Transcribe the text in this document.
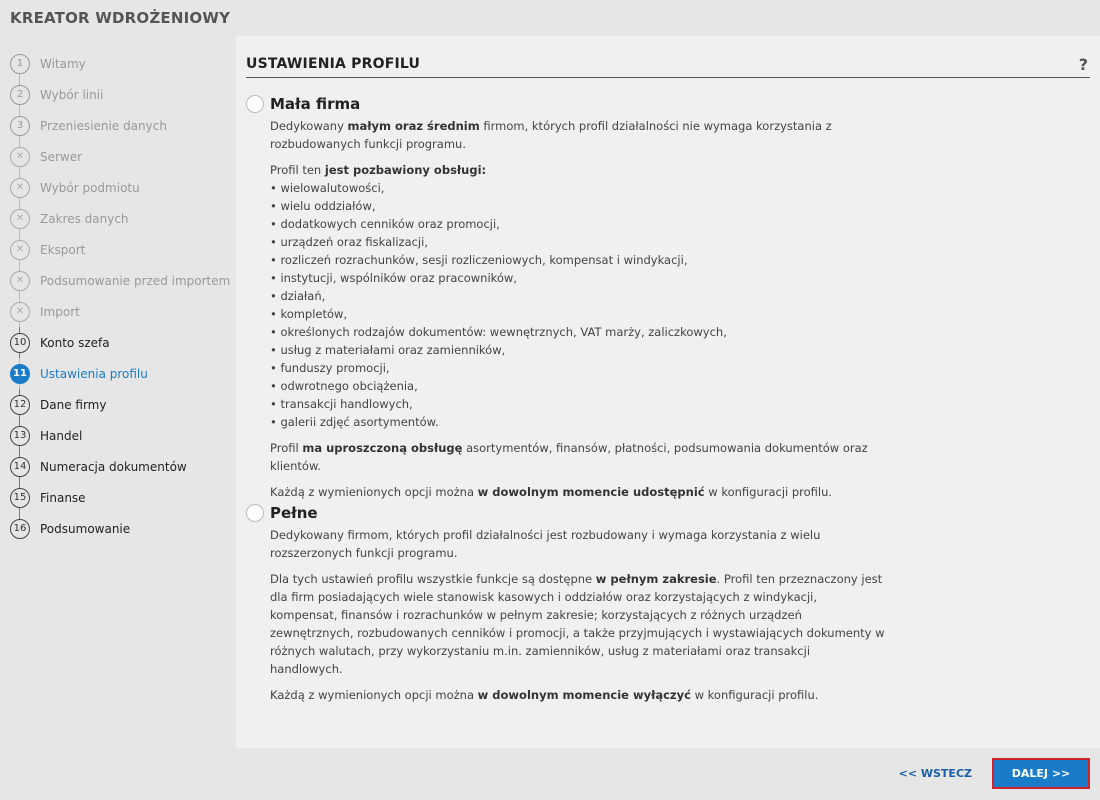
KREATOR WDROŻENIOWY
1	Witamy
2	Wybór linii
3	Przeniesienie danych
✕	Serwer
✕	Wybór podmiotu
✕	Zakres danych
✕	Eksport
✕	Podsumowanie przed importem
✕	Import
10	Konto szefa
11 Ustawienia profilu
12	Dane firmy
13	Handel
14	Numeracja dokumentów
15	Finanse
16	Podsumowanie
USTAWIENIA PROFILU	?
Mała firma

Dedykowany małym oraz średnim firmom, których profil działalności nie wymaga korzystania z rozbudowanych funkcji programu.

Profil ten jest pozbawiony obsługi:

• wielowalutowości,
• wielu oddziałów,
• dodatkowych cenników oraz promocji,
• urządzeń oraz fiskalizacji,
• rozliczeń rozrachunków, sesji rozliczeniowych, kompensat i windykacji,
• instytucji, wspólników oraz pracowników,
• działań,
• kompletów,
• określonych rodzajów dokumentów: wewnętrznych, VAT marży, zaliczkowych,
• usług z materiałami oraz zamienników,
• funduszy promocji,
• odwrotnego obciążenia,
• transakcji handlowych,
• galerii zdjęć asortymentów.

Profil ma uproszczoną obsługę asortymentów, finansów, płatności, podsumowania dokumentów oraz klientów.

Każdą z wymienionych opcji można w dowolnym momencie udostępnić w konfiguracji profilu.

Pełne

Dedykowany firmom, których profil działalności jest rozbudowany i wymaga korzystania z wielu rozszerzonych funkcji programu.

Dla tych ustawień profilu wszystkie funkcje są dostępne w pełnym zakresie. Profil ten przeznaczony jest dla firm posiadających wiele stanowisk kasowych i oddziałów oraz korzystających z windykacji, kompensat, finansów i rozrachunków w pełnym zakresie; korzystających z różnych urządzeń zewnętrznych, rozbudowanych cenników i promocji, a także przyjmujących i wystawiających dokumenty w różnych walutach, przy wykorzystaniu m.in. zamienników, usług z materiałami oraz transakcji handlowych.

Każdą z wymienionych opcji można w dowolnym momencie wyłączyć w konfiguracji profilu.

<< WSTECZ	DALEJ >>
